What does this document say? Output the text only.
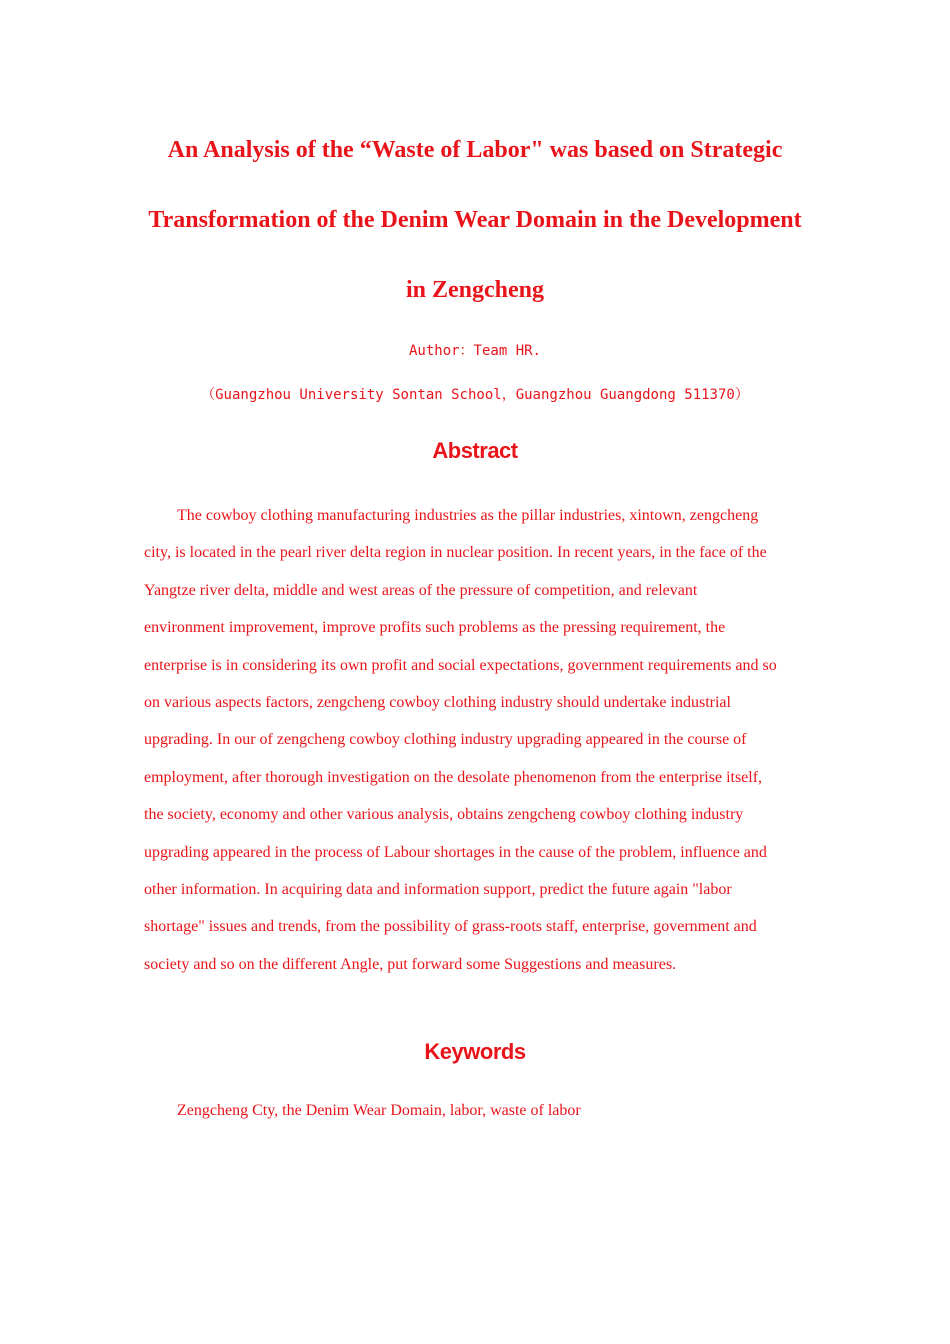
An Analysis of the “Waste of Labor" was based on Strategic
Transformation of the Denim Wear Domain in the Development
in Zengcheng
Author：Team HR.
（Guangzhou University Sontan School，Guangzhou Guangdong 511370）
Abstract

The cowboy clothing manufacturing industries as the pillar industries, xintown, zengcheng
city, is located in the pearl river delta region in nuclear position. In recent years, in the face of the
Yangtze river delta, middle and west areas of the pressure of competition, and relevant
environment improvement, improve profits such problems as the pressing requirement, the
enterprise is in considering its own profit and social expectations, government requirements and so
on various aspects factors, zengcheng cowboy clothing industry should undertake industrial
upgrading. In our of zengcheng cowboy clothing industry upgrading appeared in the course of
employment, after thorough investigation on the desolate phenomenon from the enterprise itself,
the society, economy and other various analysis, obtains zengcheng cowboy clothing industry
upgrading appeared in the process of Labour shortages in the cause of the problem, influence and
other information. In acquiring data and information support, predict the future again "labor
shortage" issues and trends, from the possibility of grass-roots staff, enterprise, government and
society and so on the different Angle, put forward some Suggestions and measures.

Keywords

Zengcheng Cty, the Denim Wear Domain, labor, waste of labor
